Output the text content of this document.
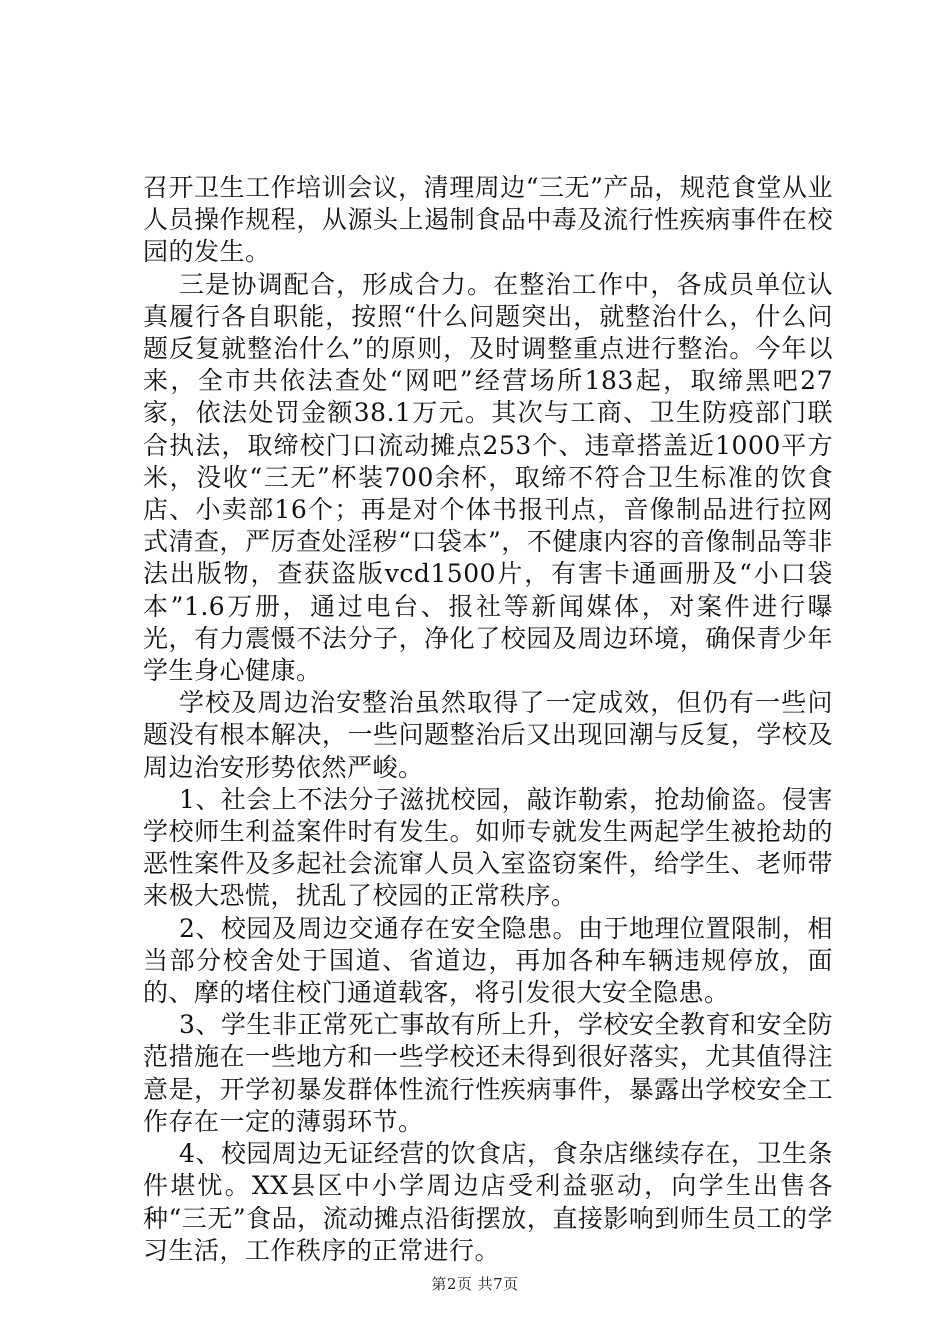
召开卫生工作培训会议，清理周边“三无”产品，规范食堂从业人员操作规程，从源头上遏制食品中毒及流行性疾病事件在校园的发生。

三是协调配合，形成合力。在整治工作中，各成员单位认真履行各自职能，按照“什么问题突出，就整治什么，什么问题反复就整治什么”的原则，及时调整重点进行整治。今年以来，全市共依法查处“网吧”经营场所183起，取缔黑吧27家，依法处罚金额38.1万元。其次与工商、卫生防疫部门联合执法，取缔校门口流动摊点253个、违章搭盖近1000平方米，没收“三无”杯装700余杯，取缔不符合卫生标准的饮食店、小卖部16个；再是对个体书报刊点，音像制品进行拉网式清查，严厉查处淫秽“口袋本”，不健康内容的音像制品等非法出版物，查获盗版vcd1500片，有害卡通画册及“小口袋本”1.6万册，通过电台、报社等新闻媒体，对案件进行曝光，有力震慑不法分子，净化了校园及周边环境，确保青少年学生身心健康。

学校及周边治安整治虽然取得了一定成效，但仍有一些问题没有根本解决，一些问题整治后又出现回潮与反复，学校及周边治安形势依然严峻。

1、社会上不法分子滋扰校园，敲诈勒索，抢劫偷盗。侵害学校师生利益案件时有发生。如师专就发生两起学生被抢劫的恶性案件及多起社会流窜人员入室盗窃案件，给学生、老师带来极大恐慌，扰乱了校园的正常秩序。

2、校园及周边交通存在安全隐患。由于地理位置限制，相当部分校舍处于国道、省道边，再加各种车辆违规停放，面的、摩的堵住校门通道载客，将引发很大安全隐患。

3、学生非正常死亡事故有所上升，学校安全教育和安全防范措施在一些地方和一些学校还未得到很好落实，尤其值得注意是，开学初暴发群体性流行性疾病事件，暴露出学校安全工作存在一定的薄弱环节。

4、校园周边无证经营的饮食店，食杂店继续存在，卫生条件堪忧。XX县区中小学周边店受利益驱动，向学生出售各种“三无”食品，流动摊点沿街摆放，直接影响到师生员工的学习生活，工作秩序的正常进行。

第2页 共7页
